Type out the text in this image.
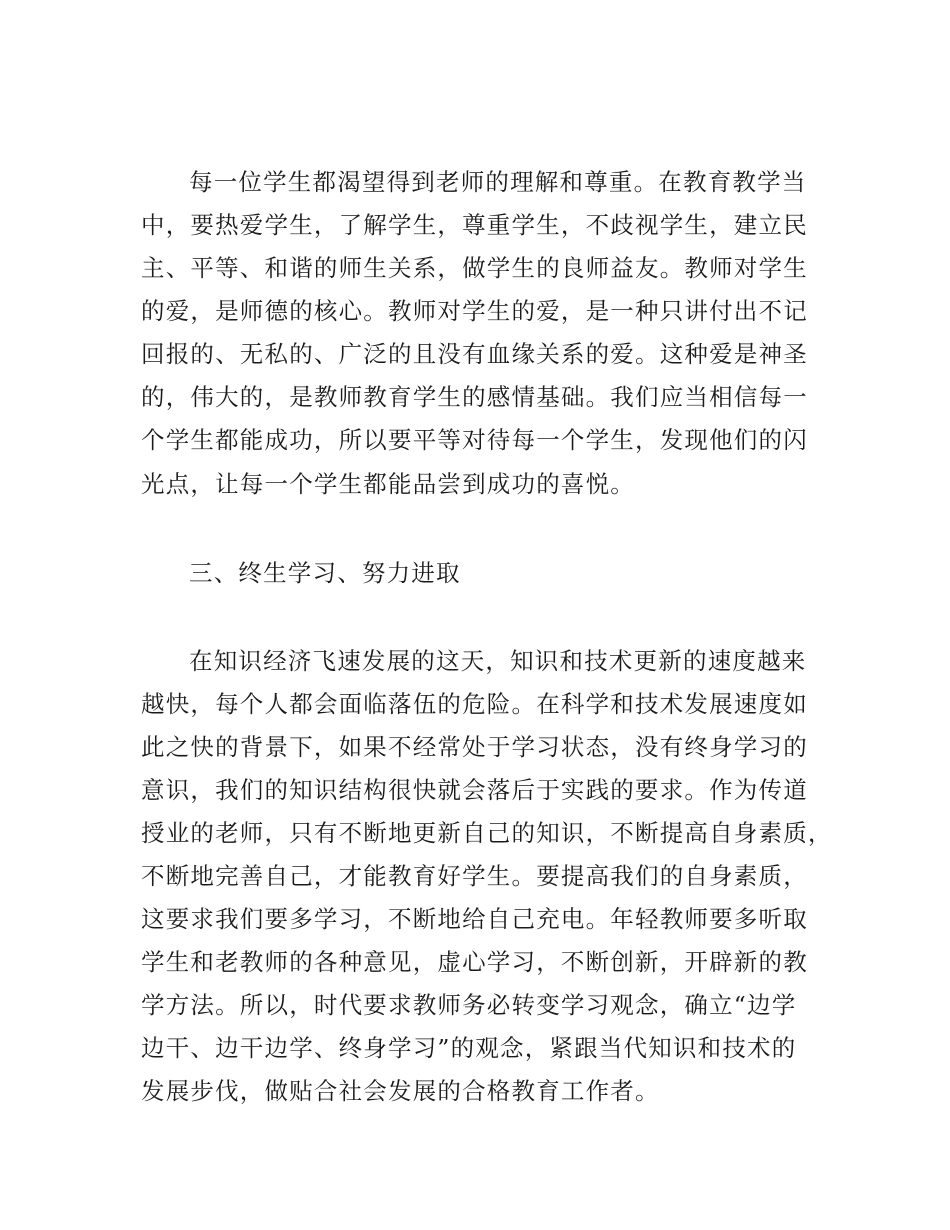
每一位学生都渴望得到老师的理解和尊重。在教育教学当
中，要热爱学生，了解学生，尊重学生，不歧视学生，建立民
主、平等、和谐的师生关系，做学生的良师益友。教师对学生
的爱，是师德的核心。教师对学生的爱，是一种只讲付出不记
回报的、无私的、广泛的且没有血缘关系的爱。这种爱是神圣
的，伟大的，是教师教育学生的感情基础。我们应当相信每一
个学生都能成功，所以要平等对待每一个学生，发现他们的闪
光点，让每一个学生都能品尝到成功的喜悦。
三、终生学习、努力进取
在知识经济飞速发展的这天，知识和技术更新的速度越来
越快，每个人都会面临落伍的危险。在科学和技术发展速度如
此之快的背景下，如果不经常处于学习状态，没有终身学习的
意识，我们的知识结构很快就会落后于实践的要求。作为传道
授业的老师，只有不断地更新自己的知识，不断提高自身素质，
不断地完善自己，才能教育好学生。要提高我们的自身素质，
这要求我们要多学习，不断地给自己充电。年轻教师要多听取
学生和老教师的各种意见，虚心学习，不断创新，开辟新的教
学方法。所以，时代要求教师务必转变学习观念，确立“边学
边干、边干边学、终身学习”的观念，紧跟当代知识和技术的
发展步伐，做贴合社会发展的合格教育工作者。
